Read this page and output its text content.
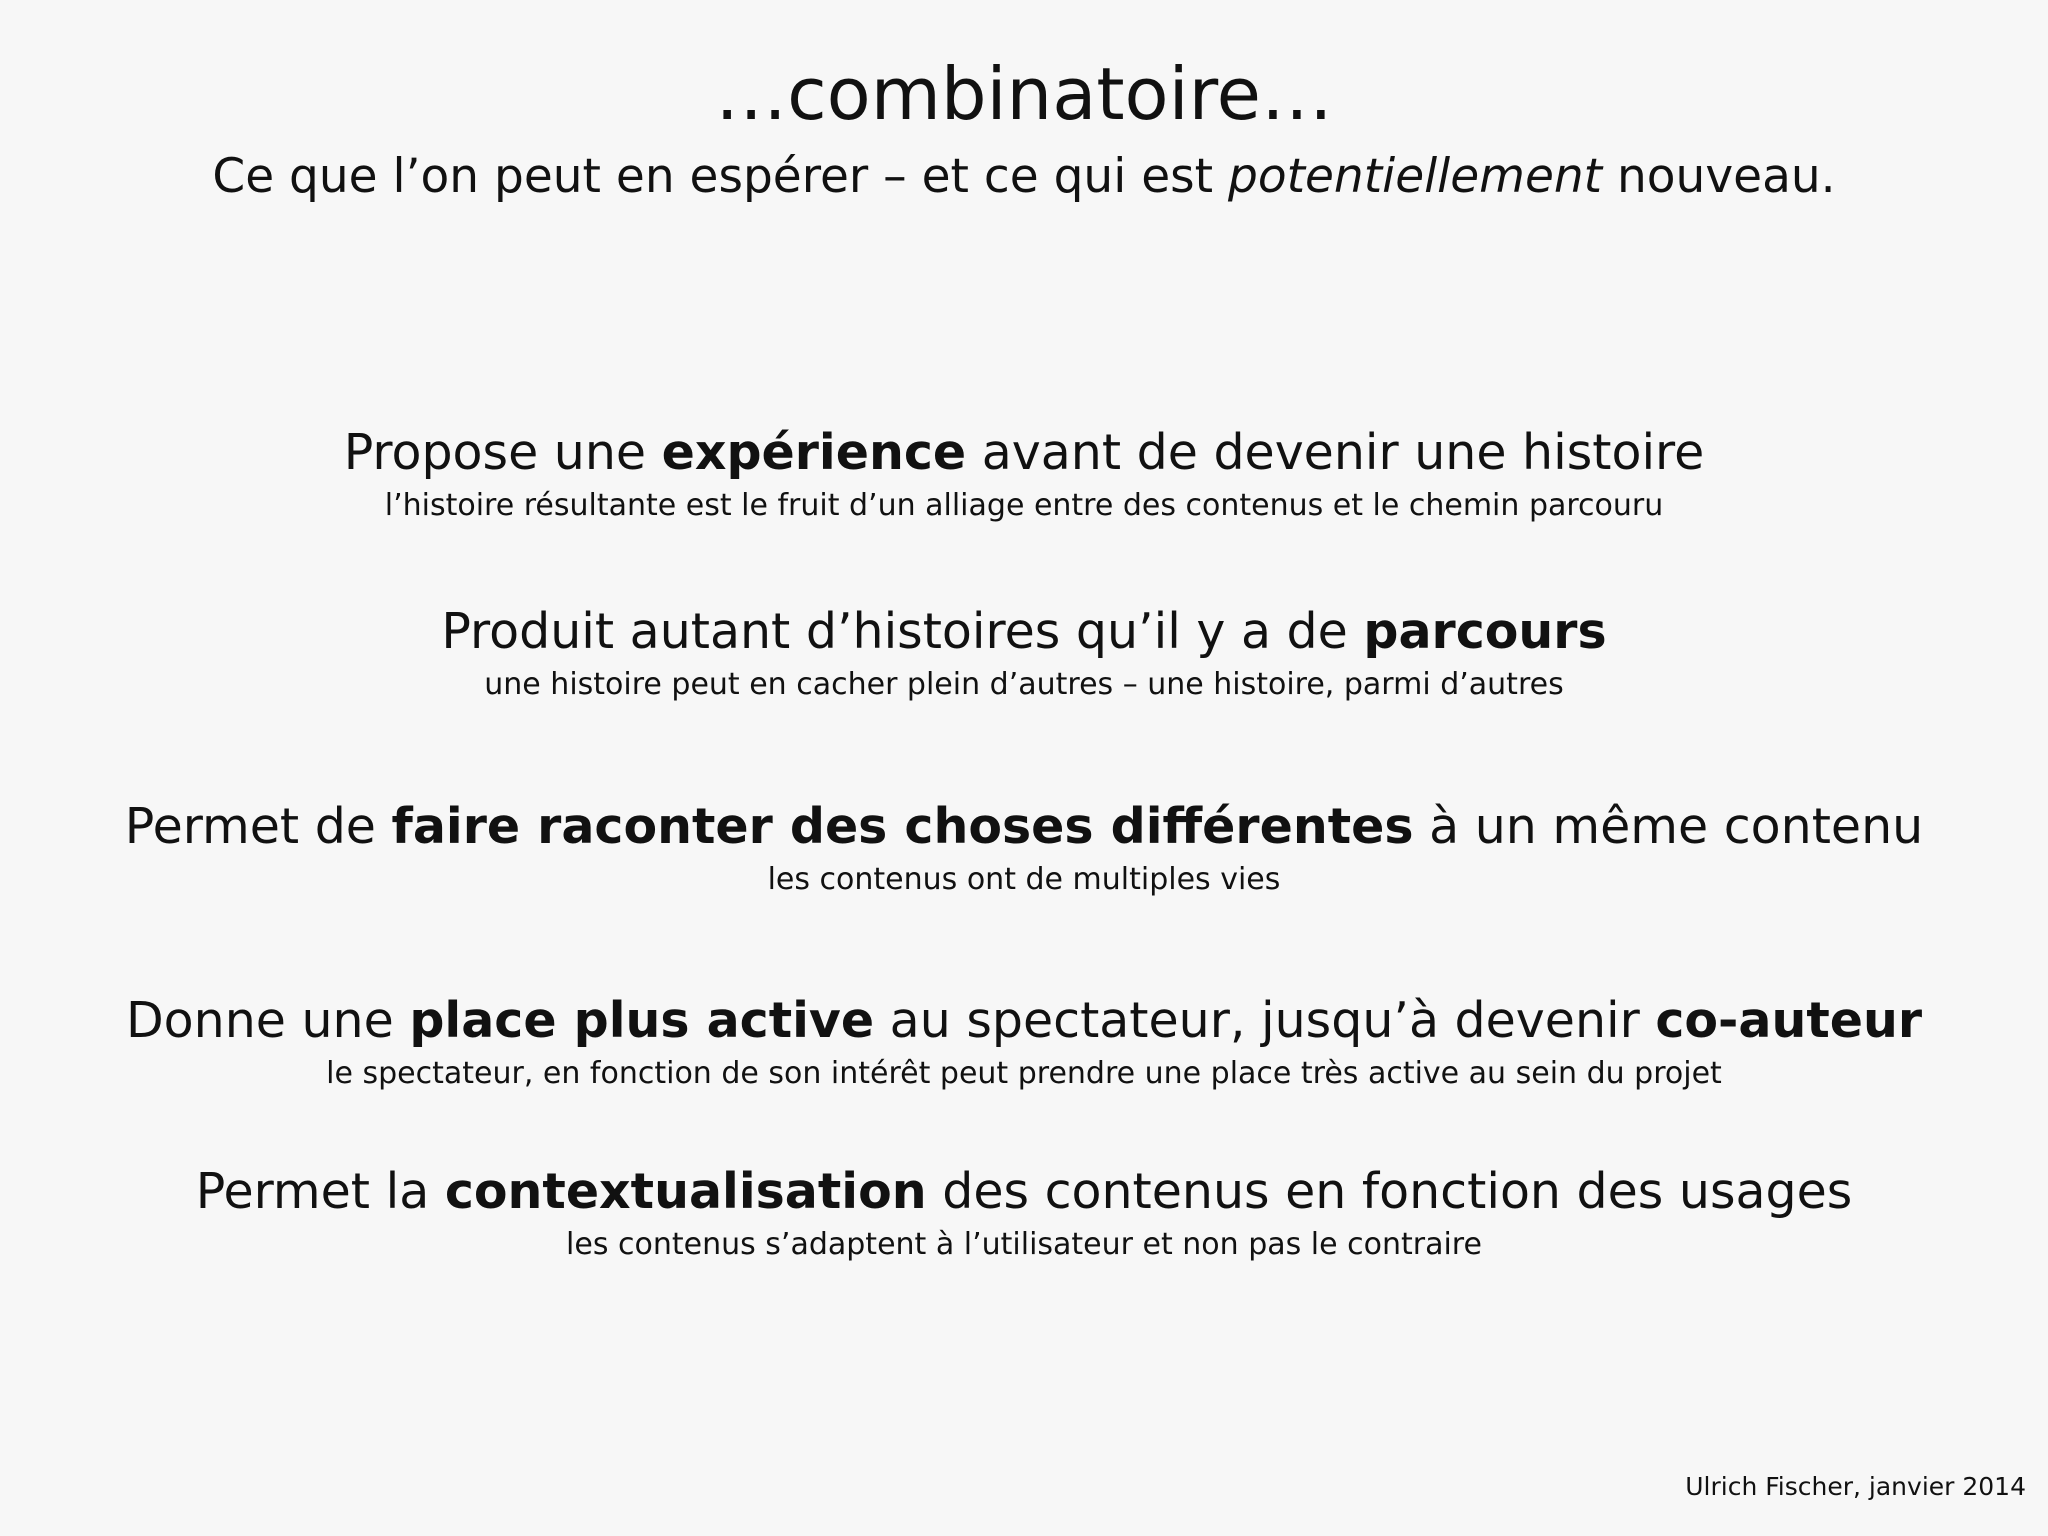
…combinatoire…
Ce que l’on peut en espérer – et ce qui est potentiellement nouveau.
Propose une expérience avant de devenir une histoire
l’histoire résultante est le fruit d’un alliage entre des contenus et le chemin parcouru
Produit autant d’histoires qu’il y a de parcours
une histoire peut en cacher plein d’autres – une histoire, parmi d’autres
Permet de faire raconter des choses différentes à un même contenu
les contenus ont de multiples vies
Donne une place plus active au spectateur, jusqu’à devenir co-auteur
le spectateur, en fonction de son intérêt peut prendre une place très active au sein du projet
Permet la contextualisation des contenus en fonction des usages
les contenus s’adaptent à l’utilisateur et non pas le contraire
Ulrich Fischer, janvier 2014
